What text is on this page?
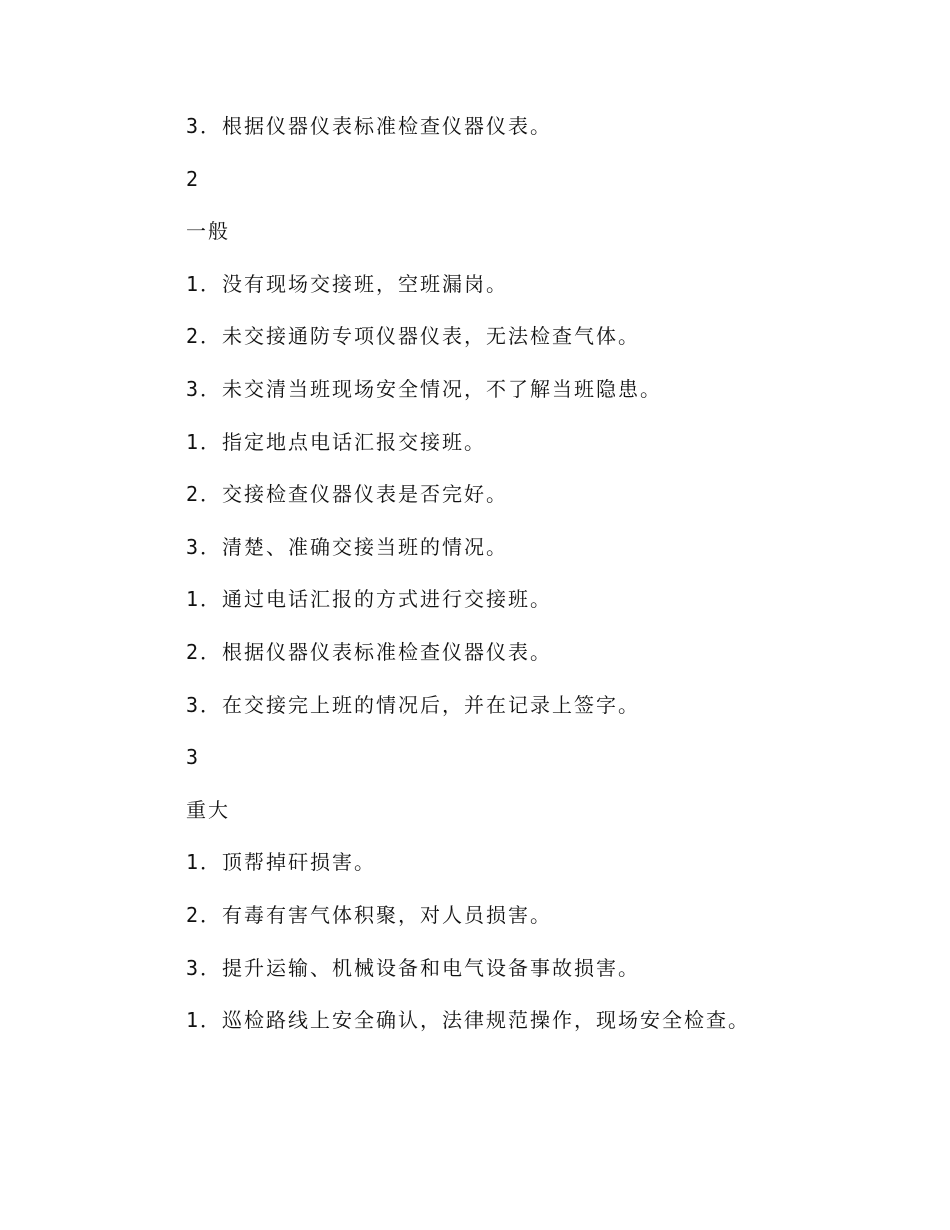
3．根据仪器仪表标准检查仪器仪表。
2
一般
1．没有现场交接班，空班漏岗。
2．未交接通防专项仪器仪表，无法检查气体。
3．未交清当班现场安全情况，不了解当班隐患。
1．指定地点电话汇报交接班。
2．交接检查仪器仪表是否完好。
3．清楚、准确交接当班的情况。
1．通过电话汇报的方式进行交接班。
2．根据仪器仪表标准检查仪器仪表。
3．在交接完上班的情况后，并在记录上签字。
3
重大
1．顶帮掉矸损害。
2．有毒有害气体积聚，对人员损害。
3．提升运输、机械设备和电气设备事故损害。
1．巡检路线上安全确认，法律规范操作，现场安全检查。
